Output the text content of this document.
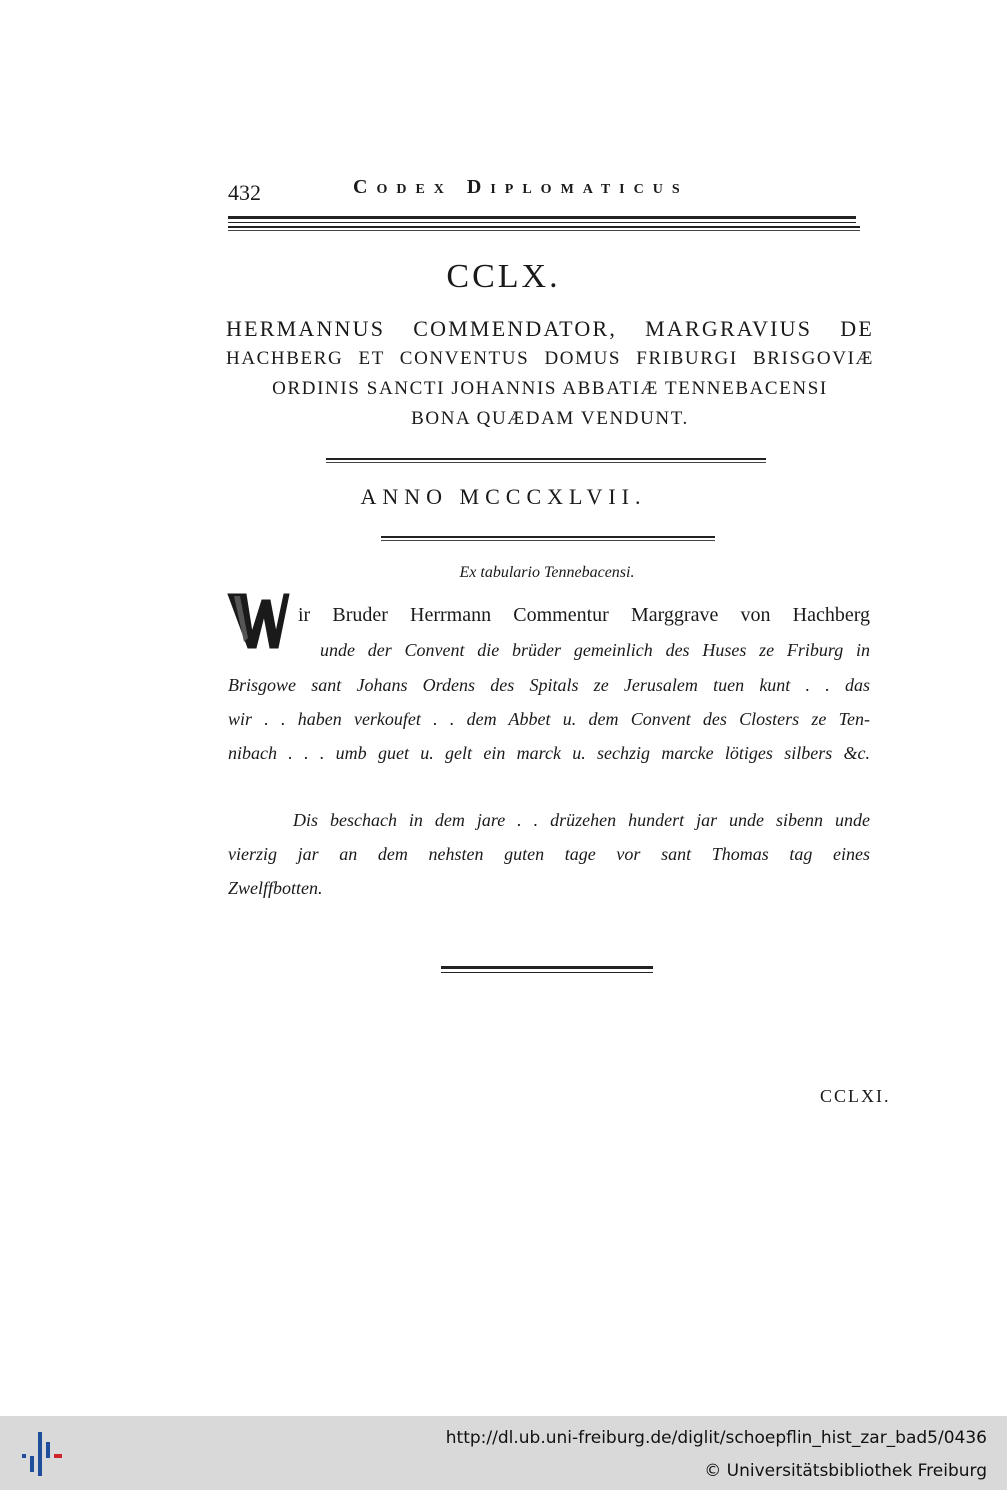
432	Codex Diplomaticus
CCLX.
HERMANNUS COMMENDATOR, MARGRAVIUS DE
HACHBERG ET CONVENTUS DOMUS FRIBURGI BRISGOVIÆ
ORDINIS SANCTI JOHANNIS ABBATIÆ TENNEBACENSI
BONA QUÆDAM VENDUNT.
ANNO MCCCXLVII.
Ex tabulario Tennebacensi.
ir Bruder Herrmann Commentur Marggrave von Hachberg
unde der Convent die brüder gemeinlich des Huses ze Friburg in
Brisgowe sant Johans Ordens des Spitals ze Jerusalem tuen kunt . . das
wir . . haben verkoufet . . dem Abbet u. dem Convent des Closters ze Ten-
nibach . . . umb guet u. gelt ein marck u. sechzig marcke lötiges silbers &c.
Dis beschach in dem jare . . drüzehen hundert jar unde sibenn unde
vierzig jar an dem nehsten guten tage vor sant Thomas tag eines
Zwelffbotten.
CCLXI.
http://dl.ub.uni-freiburg.de/diglit/schoepflin_hist_zar_bad5/0436
© Universitätsbibliothek Freiburg
